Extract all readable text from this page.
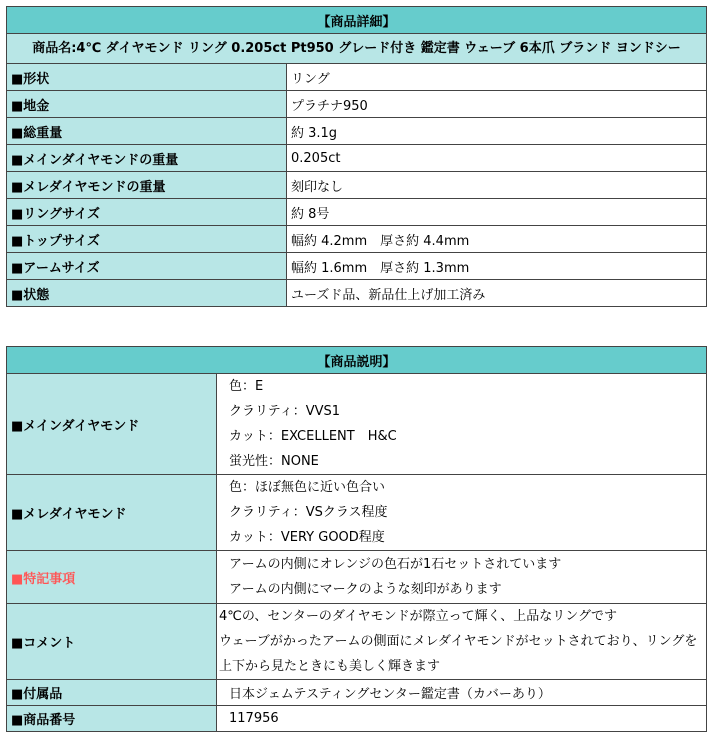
【商品詳細】	
商品名:4℃ ダイヤモンド リング 0.205ct Pt950 グレード付き 鑑定書 ウェーブ 6本爪 ブランド ヨンドシー	
■形状	リング
■地金	プラチナ950
■総重量	約 3.1g
■メインダイヤモンドの重量	0.205ct
■メレダイヤモンドの重量	刻印なし
■リングサイズ	約 8号
■トップサイズ	幅約 4.2mm　厚さ約 4.4mm
■アームサイズ	幅約 1.6mm　厚さ約 1.3mm
■状態	ユーズド品、新品仕上げ加工済み
【商品説明】	
■メインダイヤモンド	色：E
クラリティ：VVS1
カット：EXCELLENT　H&C
蛍光性：NONE

■メレダイヤモンド	色：ほぼ無色に近い色合い
クラリティ：VSクラス程度
カット：VERY GOOD程度

■特記事項	アームの内側にオレンジの色石が1石セットされています
アームの内側にマークのような刻印があります

■コメント	4℃の、センターのダイヤモンドが際立って輝く、上品なリングです
ウェーブがかったアームの側面にメレダイヤモンドがセットされており、リングを上下から見たときにも美しく輝きます
■付属品	日本ジェムテスティングセンター鑑定書（カバーあり）
■商品番号	117956
